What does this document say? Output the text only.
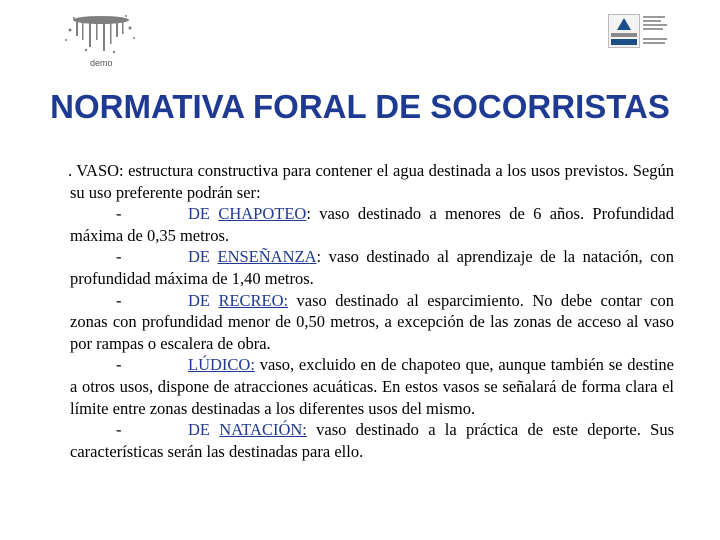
demo
NORMATIVA FORAL DE SOCORRISTAS

. VASO: estructura constructiva para contener el agua destinada a los usos previstos. Según su uso preferente podrán ser:

-	DE CHAPOTEO: vaso destinado a menores de 6 años. Profundidad máxima de 0,35 metros.

-	DE ENSEÑANZA: vaso destinado al aprendizaje de la natación, con profundidad máxima de 1,40 metros.

-	DE RECREO: vaso destinado al esparcimiento. No debe contar con zonas con profundidad menor de 0,50 metros, a excepción de las zonas de acceso al vaso por rampas o escalera de obra.

-	LÚDICO: vaso, excluido en de chapoteo que, aunque también se destine a otros usos, dispone de atracciones acuáticas. En estos vasos se señalará de forma clara el límite entre zonas destinadas a los diferentes usos del mismo.

-	DE NATACIÓN: vaso destinado a la práctica de este deporte. Sus características serán las destinadas para ello.
